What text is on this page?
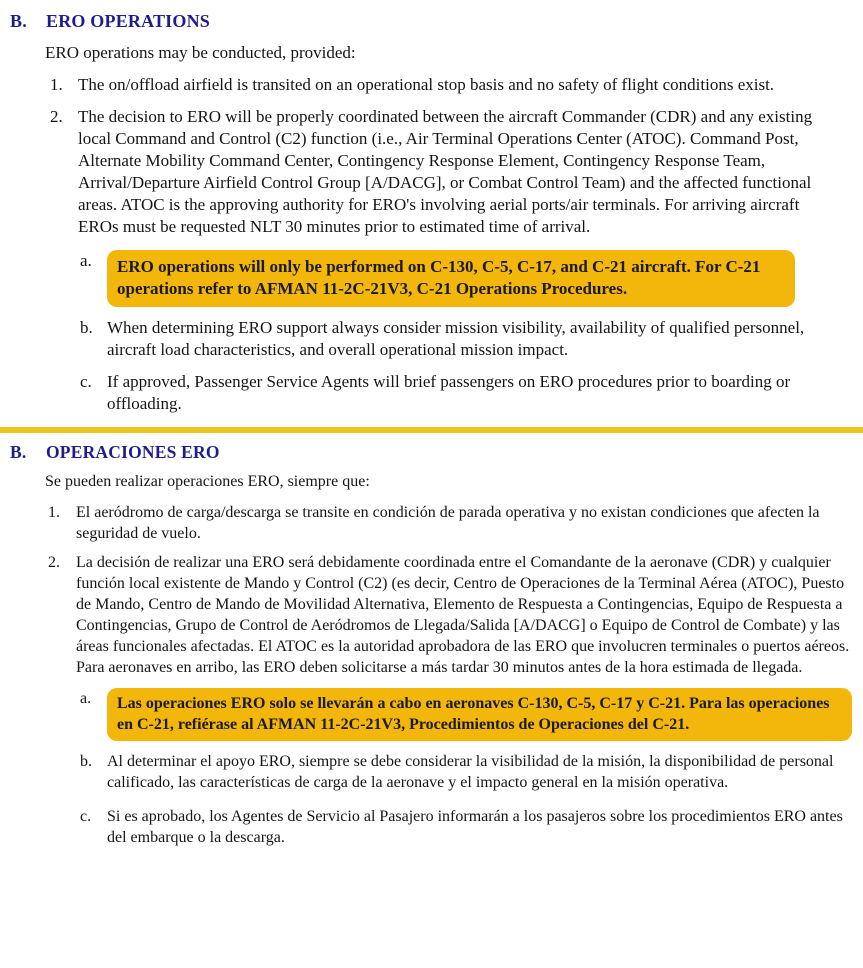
B.	ERO OPERATIONS

ERO operations may be conducted, provided:

1. The on/offload airfield is transited on an operational stop basis and no safety of flight conditions exist.
2. The decision to ERO will be properly coordinated between the aircraft Commander (CDR) and any existing local Command and Control (C2) function (i.e., Air Terminal Operations Center (ATOC). Command Post, Alternate Mobility Command Center, Contingency Response Element, Contingency Response Team, Arrival/Departure Airfield Control Group [A/DACG], or Combat Control Team) and the affected functional areas. ATOC is the approving authority for ERO's involving aerial ports/air terminals. For arriving aircraft EROs must be requested NLT 30 minutes prior to estimated time of arrival.
a.	ERO operations will only be performed on C-130, C-5, C-17, and C-21 aircraft. For C-21 operations refer to AFMAN 11-2C-21V3, C-21 Operations Procedures.
b. When determining ERO support always consider mission visibility, availability of qualified personnel, aircraft load characteristics, and overall operational mission impact.
c. If approved, Passenger Service Agents will brief passengers on ERO procedures prior to boarding or offloading.
B.	OPERACIONES ERO

Se pueden realizar operaciones ERO, siempre que:

1.	El aeródromo de carga/descarga se transite en condición de parada operativa y no existan condiciones que afecten la seguridad de vuelo.
2.	La decisión de realizar una ERO será debidamente coordinada entre el Comandante de la aeronave (CDR) y cualquier función local existente de Mando y Control (C2) (es decir, Centro de Operaciones de la Terminal Aérea (ATOC), Puesto de Mando, Centro de Mando de Movilidad Alternativa, Elemento de Respuesta a Contingencias, Equipo de Respuesta a Contingencias, Grupo de Control de Aeródromos de Llegada/Salida [A/DACG] o Equipo de Control de Combate) y las áreas funcionales afectadas. El ATOC es la autoridad aprobadora de las ERO que involucren terminales o puertos aéreos. Para aeronaves en arribo, las ERO deben solicitarse a más tardar 30 minutos antes de la hora estimada de llegada.
a.	Las operaciones ERO solo se llevarán a cabo en aeronaves C-130, C-5, C-17 y C-21. Para las operaciones en C-21, refiérase al AFMAN 11-2C-21V3, Procedimientos de Operaciones del C-21.
b. Al determinar el apoyo ERO, siempre se debe considerar la visibilidad de la misión, la disponibilidad de personal calificado, las características de carga de la aeronave y el impacto general en la misión operativa.
c. Si es aprobado, los Agentes de Servicio al Pasajero informarán a los pasajeros sobre los procedimientos ERO antes del embarque o la descarga.
